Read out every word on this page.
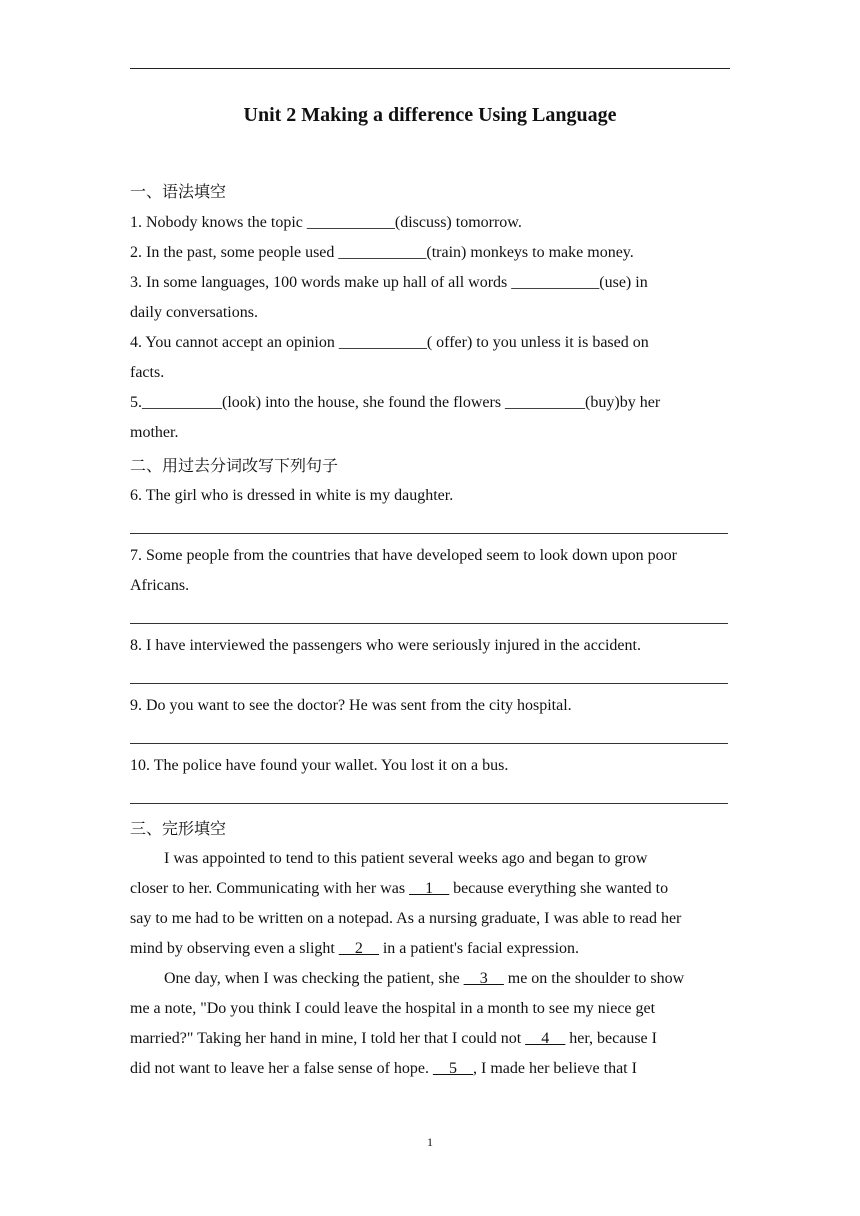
Unit 2 Making a difference Using Language
一、语法填空
1. Nobody knows the topic ___________(discuss) tomorrow.
2. In the past, some people used ___________(train) monkeys to make money.
3. In some languages, 100 words make up hall of all words ___________(use) in
daily conversations.
4. You cannot accept an opinion ___________( offer) to you unless it is based on
facts.
5.__________(look) into the house, she found the flowers __________(buy)by her
mother.
二、用过去分词改写下列句子
6. The girl who is dressed in white is my daughter.
7. Some people from the countries that have developed seem to look down upon poor
Africans.
8. I have interviewed the passengers who were seriously injured in the accident.
9. Do you want to see the doctor? He was sent from the city hospital.
10. The police have found your wallet. You lost it on a bus.
三、完形填空
I was appointed to tend to this patient several weeks ago and began to grow
closer to her. Communicating with her was __1__ because everything she wanted to
say to me had to be written on a notepad. As a nursing graduate, I was able to read her
mind by observing even a slight __2__ in a patient's facial expression.
One day, when I was checking the patient, she __3__ me on the shoulder to show
me a note, "Do you think I could leave the hospital in a month to see my niece get
married?" Taking her hand in mine, I told her that I could not __4__ her, because I
did not want to leave her a false sense of hope. __5__, I made her believe that I
1
